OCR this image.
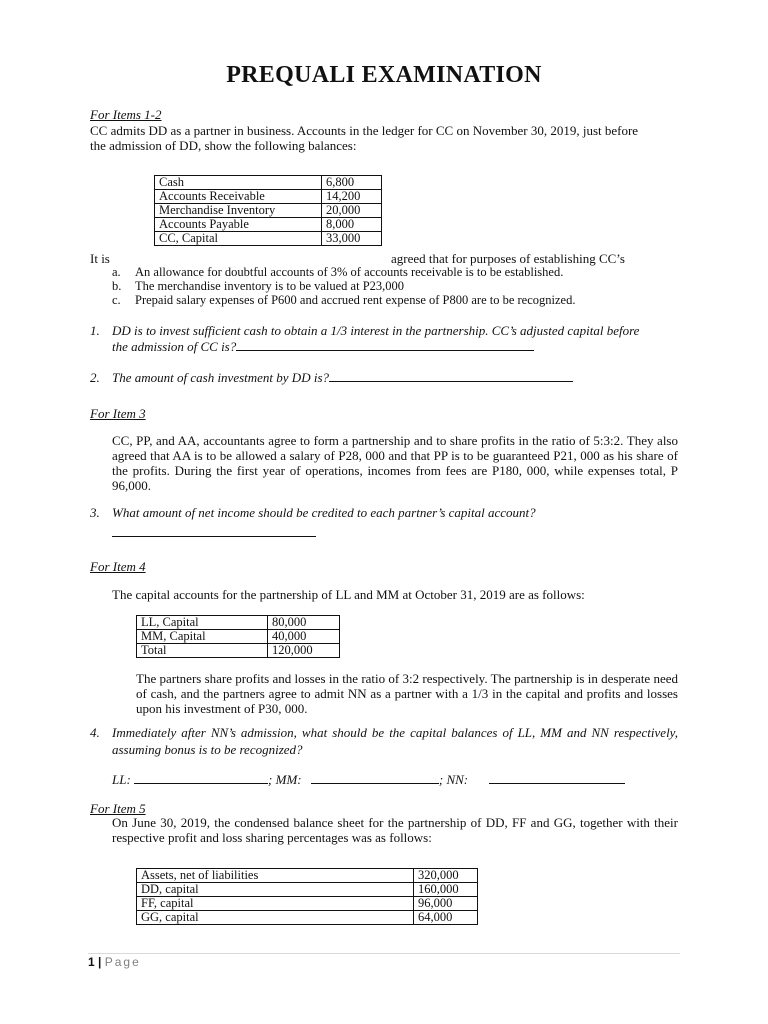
PREQUALI EXAMINATION
For Items 1-2
CC admits DD as a partner in business. Accounts in the ledger for CC on November 30, 2019, just before
the admission of DD, show the following balances:
Cash	6,800
Accounts Receivable	14,200
Merchandise Inventory	20,000
Accounts Payable	8,000
CC, Capital	33,000
It is	agreed that for purposes of establishing CC’s
a. An allowance for doubtful accounts of 3% of accounts receivable is to be established.
b. The merchandise inventory is to be valued at P23,000
c. Prepaid salary expenses of P600 and accrued rent expense of P800 are to be recognized.
1. DD is to invest sufficient cash to obtain a 1/3 interest in the partnership. CC’s adjusted capital before
the admission of CC is?
2. The amount of cash investment by DD is?
For Item 3
CC, PP, and AA, accountants agree to form a partnership and to share profits in the ratio of 5:3:2. They also agreed that AA is to be allowed a salary of P28, 000 and that PP is to be guaranteed P21, 000 as his share of the profits. During the first year of operations, incomes from fees are P180, 000, while expenses total, P 96,000.
3. What amount of net income should be credited to each partner’s capital account?
For Item 4
The capital accounts for the partnership of LL and MM at October 31, 2019 are as follows:
LL, Capital	80,000
MM, Capital	40,000
Total	120,000
The partners share profits and losses in the ratio of 3:2 respectively. The partnership is in desperate need of cash, and the partners agree to admit NN as a partner with a 1/3 in the capital and profits and losses upon his investment of P30, 000.
4. Immediately after NN’s admission, what should be the capital balances of LL, MM and NN respectively, assuming bonus is to be recognized?
LL:	; MM:	; NN:
For Item 5
On June 30, 2019, the condensed balance sheet for the partnership of DD, FF and GG, together with their respective profit and loss sharing percentages was as follows:
Assets, net of liabilities	320,000
DD, capital	160,000
FF, capital	96,000
GG, capital	64,000
1 | Page
